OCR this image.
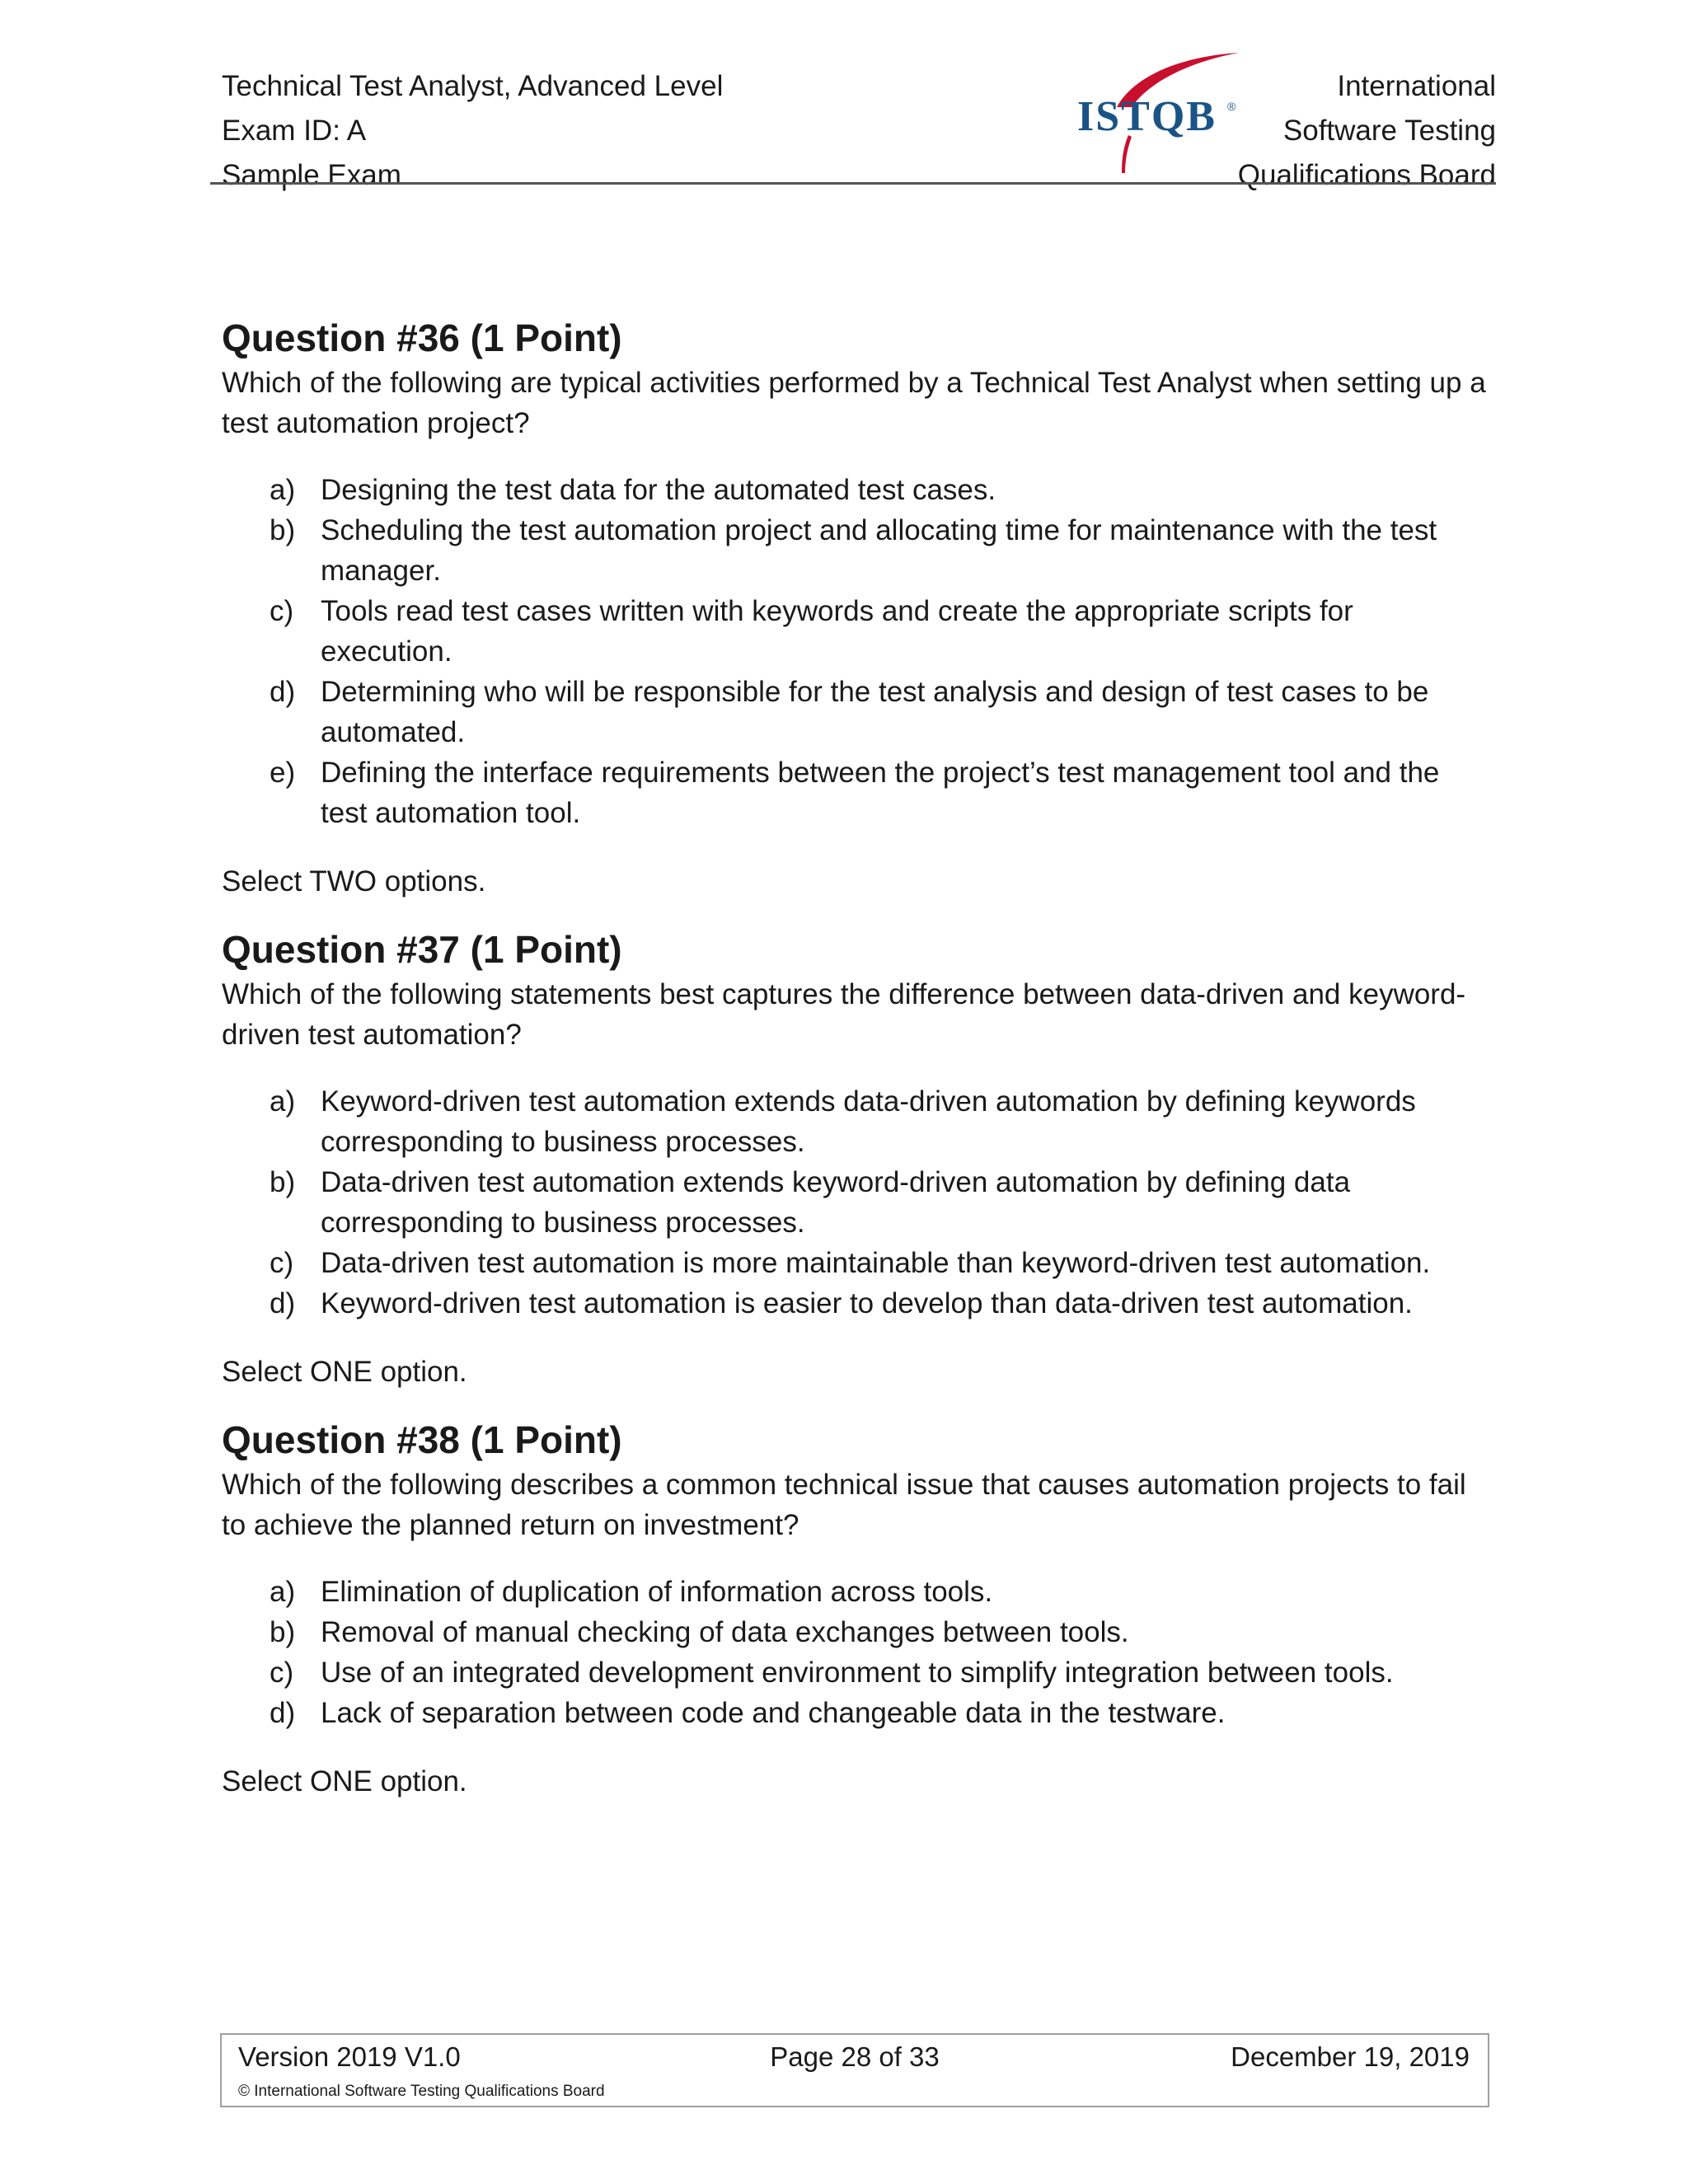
Technical Test Analyst, Advanced Level
Exam ID: A
Sample Exam
ISTQB ®
International
Software Testing
Qualifications Board
Question #36 (1 Point)

Which of the following are typical activities performed by a Technical Test Analyst when setting up a test automation project?

a) Designing the test data for the automated test cases.
b) Scheduling the test automation project and allocating time for maintenance with the test manager.
c) Tools read test cases written with keywords and create the appropriate scripts for execution.
d) Determining who will be responsible for the test analysis and design of test cases to be automated.
e) Defining the interface requirements between the project’s test management tool and the test automation tool.

Select TWO options.

Question #37 (1 Point)

Which of the following statements best captures the difference between data-driven and keyword-driven test automation?

a) Keyword-driven test automation extends data-driven automation by defining keywords corresponding to business processes.
b) Data-driven test automation extends keyword-driven automation by defining data corresponding to business processes.
c) Data-driven test automation is more maintainable than keyword-driven test automation.
d) Keyword-driven test automation is easier to develop than data-driven test automation.

Select ONE option.

Question #38 (1 Point)

Which of the following describes a common technical issue that causes automation projects to fail to achieve the planned return on investment?

a) Elimination of duplication of information across tools.
b) Removal of manual checking of data exchanges between tools.
c) Use of an integrated development environment to simplify integration between tools.
d) Lack of separation between code and changeable data in the testware.

Select ONE option.

Version 2019 V1.0	Page 28 of 33	December 19, 2019
© International Software Testing Qualifications Board
